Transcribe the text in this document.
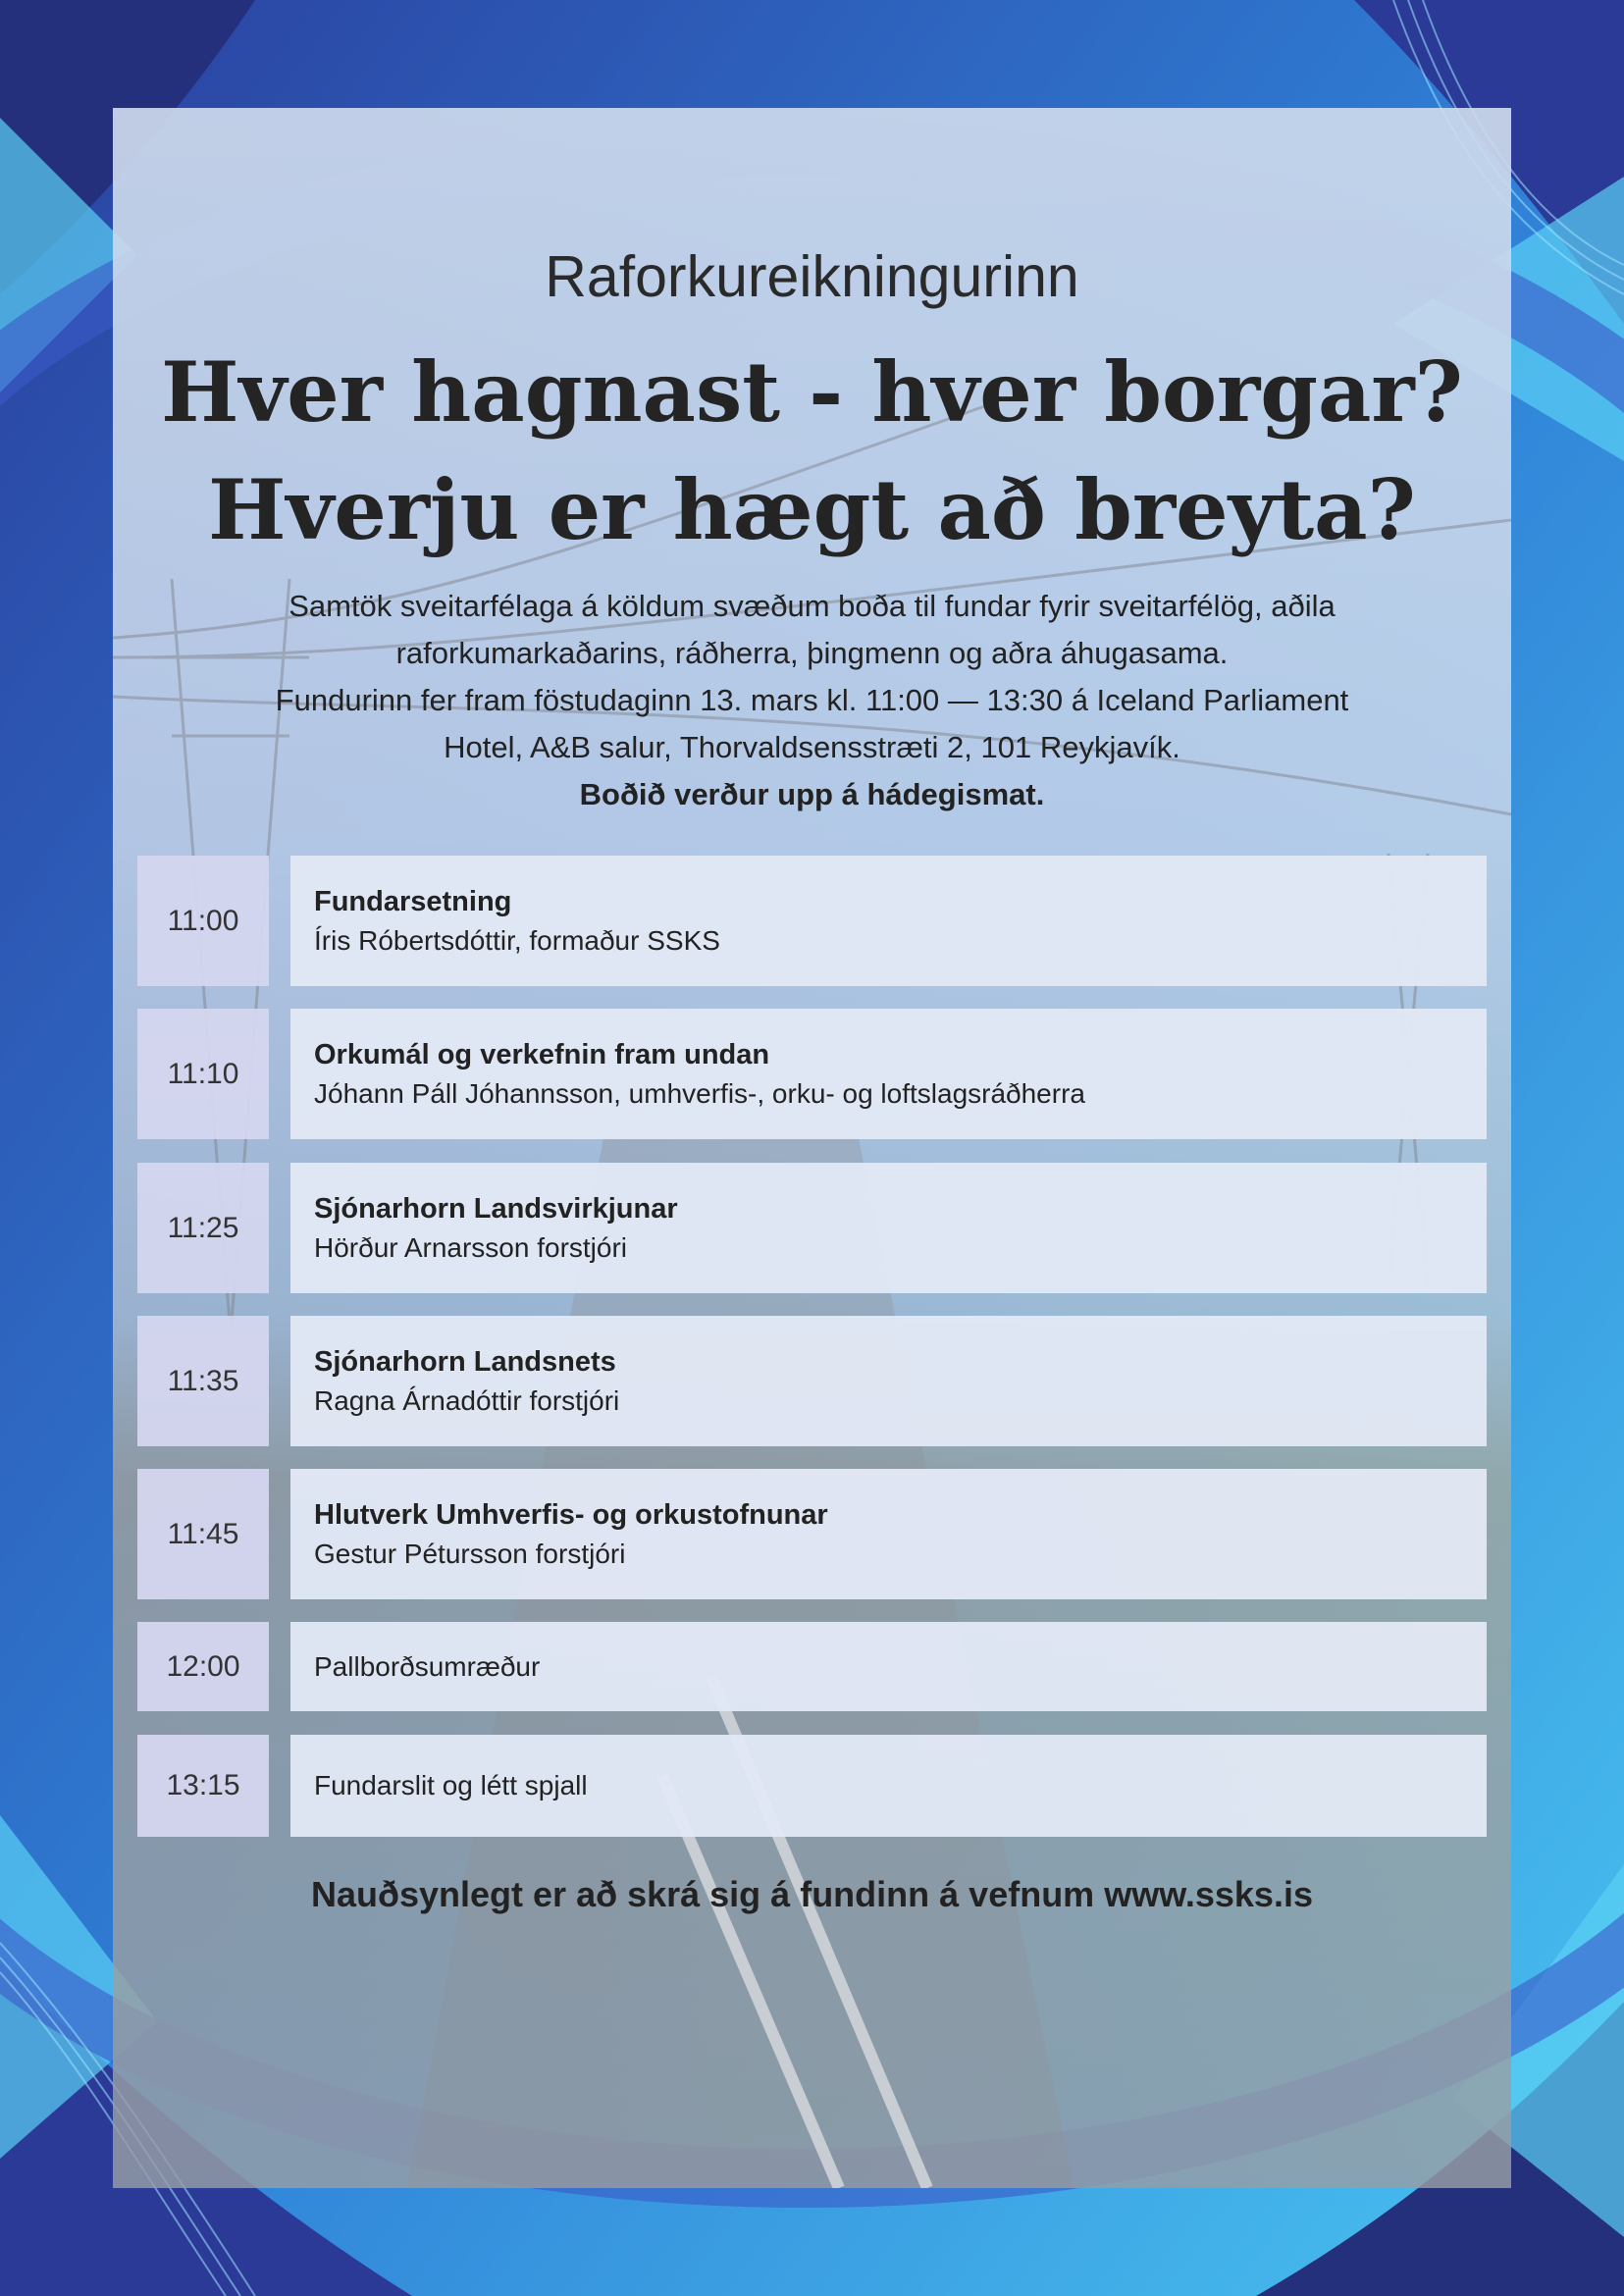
Raforkureikningurinn
Hver hagnast - hver borgar?
Hverju er hægt að breyta?

Samtök sveitarfélaga á köldum svæðum boða til fundar fyrir sveitarfélög, aðila

raforkumarkaðarins, ráðherra, þingmenn og aðra áhugasama.

Fundurinn fer fram föstudaginn 13. mars kl. 11:00 — 13:30 á Iceland Parliament

Hotel, A&B salur, Thorvaldsensstræti 2, 101 Reykjavík.

Boðið verður upp á hádegismat.

11:00
Fundarsetning
Íris Róbertsdóttir, formaður SSKS
11:10
Orkumál og verkefnin fram undan
Jóhann Páll Jóhannsson, umhverfis-, orku- og loftslagsráðherra
11:25
Sjónarhorn Landsvirkjunar
Hörður Arnarsson forstjóri
11:35
Sjónarhorn Landsnets
Ragna Árnadóttir forstjóri
11:45
Hlutverk Umhverfis- og orkustofnunar
Gestur Pétursson forstjóri
12:00	Pallborðsumræður
13:15	Fundarslit og létt spjall
Nauðsynlegt er að skrá sig á fundinn á vefnum www.ssks.is
